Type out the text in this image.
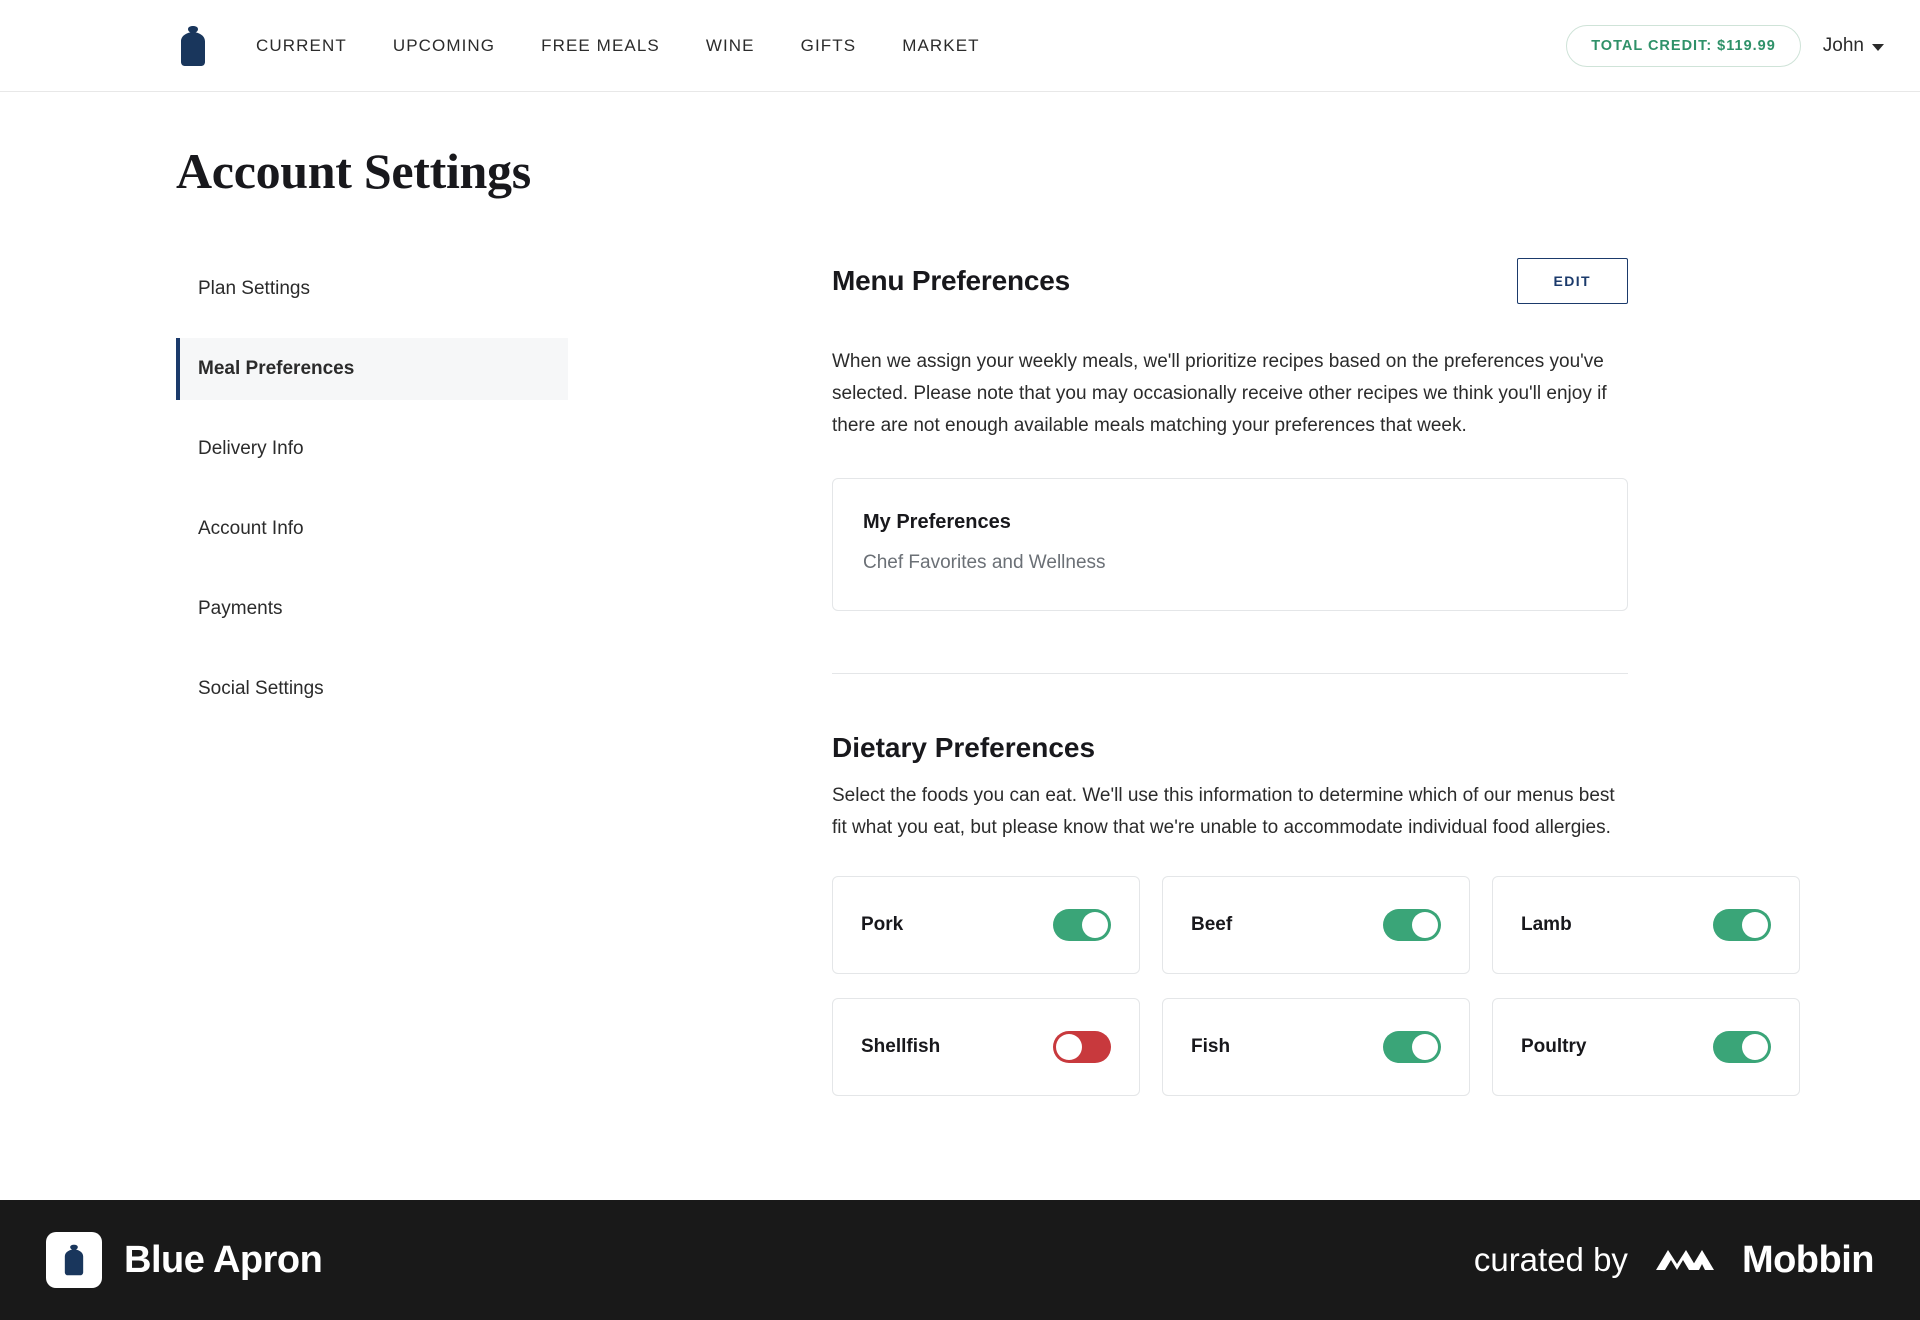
CURRENT	UPCOMING	FREE MEALS	WINE	GIFTS	MARKET	TOTAL CREDIT: $119.99	John
Account Settings
Plan Settings
Meal Preferences
Delivery Info
Account Info
Payments
Social Settings
Menu Preferences	EDIT
When we assign your weekly meals, we'll prioritize recipes based on the preferences you've selected. Please note that you may occasionally receive other recipes we think you'll enjoy if there are not enough available meals matching your preferences that week.
My Preferences
Chef Favorites and Wellness
Dietary Preferences
Select the foods you can eat. We'll use this information to determine which of our menus best fit what you eat, but please know that we're unable to accommodate individual food allergies.
Pork	Beef	Lamb
Shellfish	Fish	Poultry
Blue Apron	curated by	Mobbin
